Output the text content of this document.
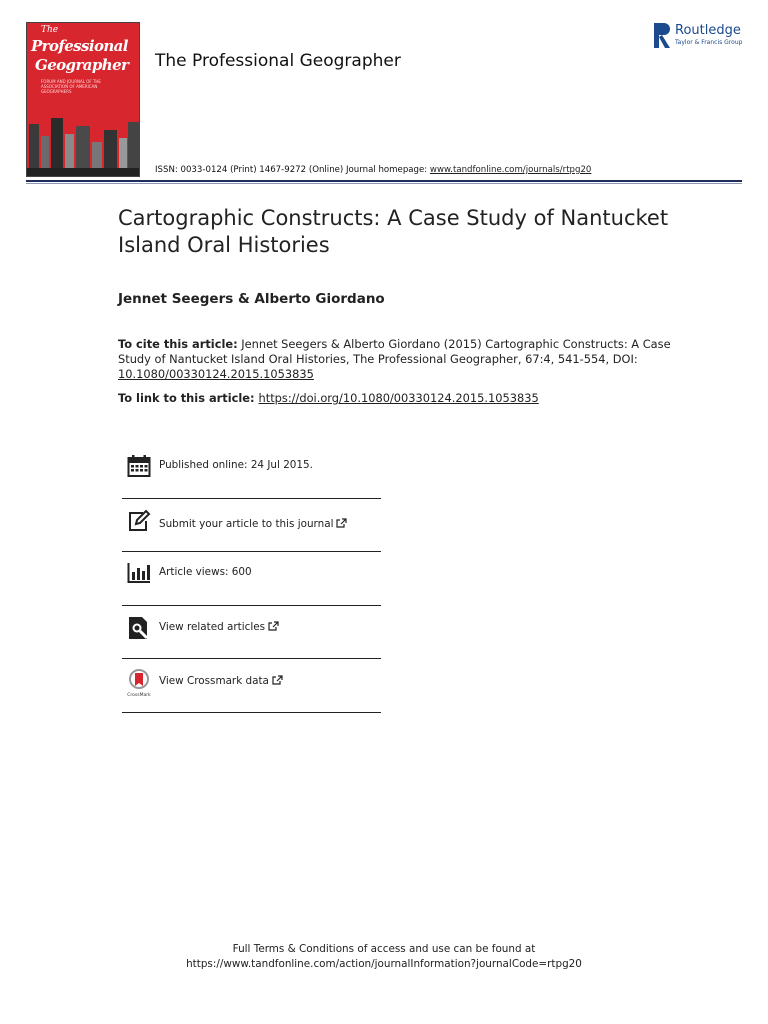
The
Professional
Geographer
FORUM AND JOURNAL OF THE ASSOCIATION OF AMERICAN GEOGRAPHERS
The Professional Geographer
Routledge
Taylor & Francis Group
ISSN: 0033-0124 (Print) 1467-9272 (Online) Journal homepage: www.tandfonline.com/journals/rtpg20
Cartographic Constructs: A Case Study of Nantucket Island Oral Histories
Jennet Seegers & Alberto Giordano
To cite this article: Jennet Seegers & Alberto Giordano (2015) Cartographic Constructs: A Case Study of Nantucket Island Oral Histories, The Professional Geographer, 67:4, 541-554, DOI: 10.1080/00330124.2015.1053835
To link to this article: https://doi.org/10.1080/00330124.2015.1053835
Published online: 24 Jul 2015.
Submit your article to this journal
Article views: 600
View related articles
CrossMark
View Crossmark data
Full Terms & Conditions of access and use can be found at
https://www.tandfonline.com/action/journalInformation?journalCode=rtpg20
